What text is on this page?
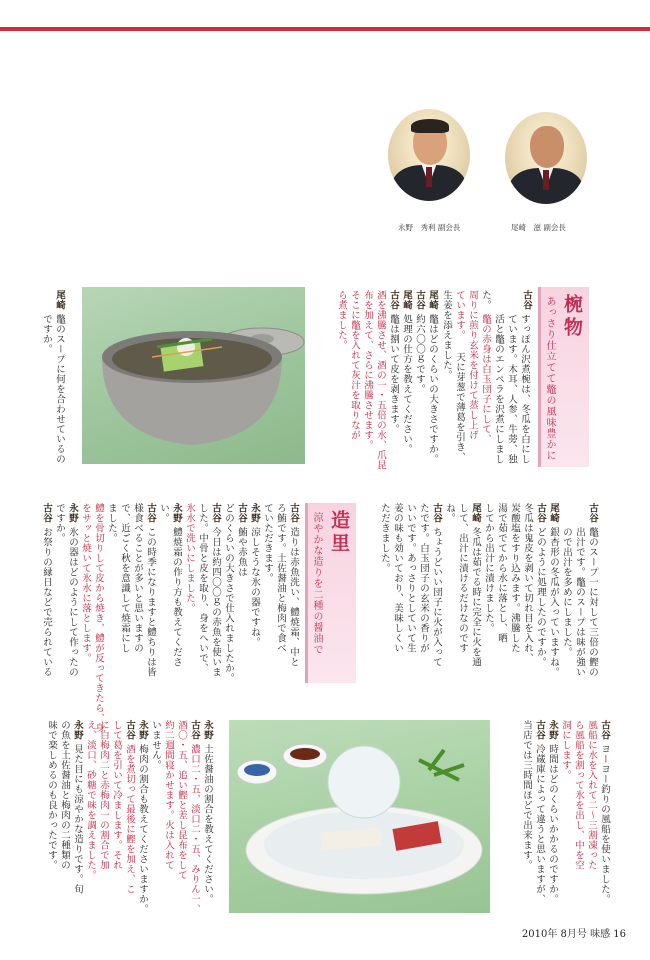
永野　秀利 副会長	尾崎　滋 副会長
椀物
あっさり仕立てて鼈の風味豊かに
造里
涼やかな造りを二種の醤油で
古谷
すっぽん沢煮椀は、冬瓜を白にし
ています。木耳、人参、牛蒡、独
活と鼈のエンペラを沢煮にしまし
た。
鼈の赤身は白玉団子にして、
周りに煎り玄米を付けて蒸し上げ
ています。
天に芽葱で薄葛を引き、
生姜を添えました。
尾崎
鼈はどのくらいの大きさですか。
古谷
約六〇〇ｇです。
尾崎
処理の仕方を教えてください。
古谷
鼈は捌いて皮を剥きます。
酒を沸騰させ、酒の一・五倍の水、爪昆
布を加えて、さらに沸騰させます。
そこに鼈を入れて灰汁を取りなが
ら煮ました。
尾崎
鼈のスープに何を合わせているの
ですか。
古谷
鼈のスープ一に対して三倍の鰹の
出汁です。鼈のスープは味が強い
ので出汁を多めにしました。
尾崎
銀杏形の冬瓜が入っていますね。
古谷
どのように処理したのですか。
冬瓜は鬼皮を剥いて切れ目を入れ、
炭酸塩をすり込みます。沸騰した
湯で茹でてから水に落とし、晒
してから出汁に漬けました。
尾崎
冬瓜は茹でる時に完全に火を通
して、出汁に漬けるだけなのです
ね。
古谷
ちょうどいい団子に火が入って
たです。白玉団子の玄米の香りが
いいです。あっさりとしていて生
姜の味も効いており、美味しくい
ただきました。
古谷
造りは赤魚洗い、鱧焼霜、中と
ろ鮪です。土佐醤油と梅肉で食べ
ていただきます。
永野
涼しそうな氷の器ですね。
古谷
鮪や赤魚は
どのくらいの大きさで仕入れましたか。
古谷
今日は約四〇〇ｇの赤魚を使いま
した。中骨と皮を取り、身をへいで、
氷水で洗いにしました。
永野
鱧焼霜の作り方も教えてくださ
い。
古谷
この時季になりますと鱧ちりは皆
様食べることが多いと思いますの
で、近ごく秋を意識して焼霜にし
ました。
鱧を骨切りして皮から焼き、鱧が反ってきたら、身
をサッと焼いて氷水に落とします。
永野
氷の器はどのようにして作ったの
ですか。
古谷
お祭りの縁日などで売られている
古谷
ヨーヨー釣りの風船を使いました。
風船に水を入れて二〜三割凍った
ら風船を割って氷を出し、中を空
洞にします。
永野
時間はどのくらいかかるのですか。
古谷
冷蔵庫によって違うと思いますが、
当店では三時間ほどで出来ます。
永野
土佐醤油の割合を教えてください。
古谷
濃口二・五、淡口二・五、みりん一、
酒〇・五、追い鰹と差し昆布をして
約二週間寝かせます。火は入れて
いません。
永野
梅肉の割合も教えてくださいますか。
古谷
酒を煮切って最後に鰹を加え、こ
して葛を引いて冷まします。それ
に白梅肉二と赤梅肉一の割合で加
え、淡口、砂糖で味を調えました。
永野
見た目にも涼やかな造りです。旬
の魚を土佐醤油と梅肉の二種類の
味で楽しめるのも良かったです。
2010年 8月号 味感 16
